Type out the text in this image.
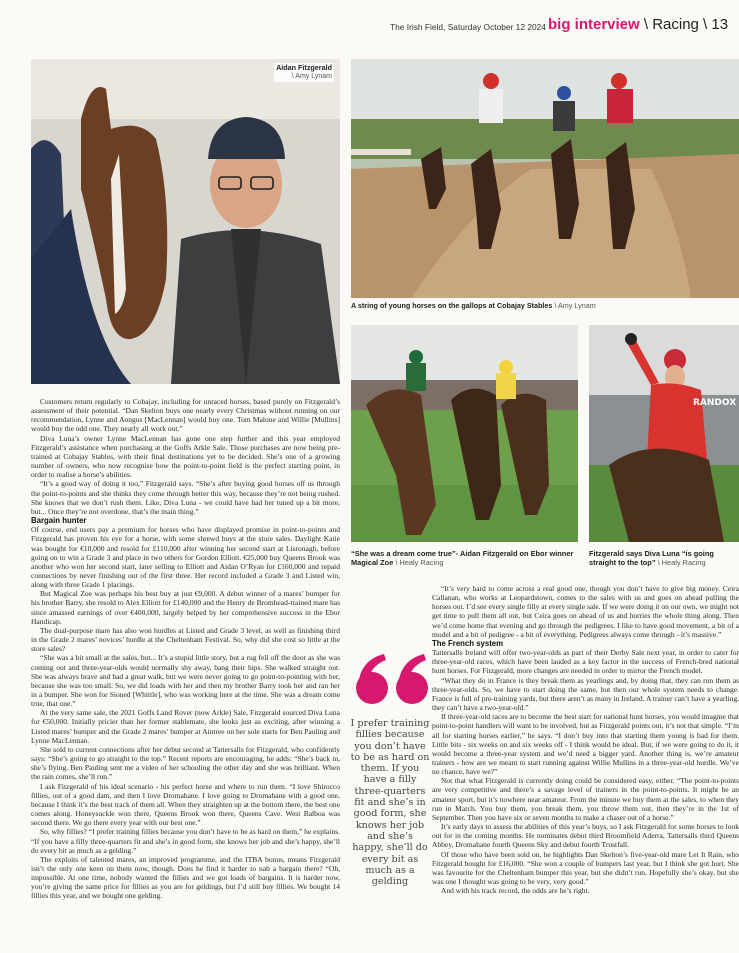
The Irish Field, Saturday October 12 2024 big interview \ Racing \ 13
Aidan Fitzgerald
\ Amy Lynam
A string of young horses on the gallops at Cobajay Stables \ Amy Lynam
“She was a dream come true”- Aidan Fitzgerald on Ebor winner Magical Zoe \ Healy Racing
RANDOX
Fitzgerald says Diva Luna “is going straight to the top” \ Healy Racing

Customers return regularly to Cobajay, including for unraced horses, based purely on Fitzgerald’s assessment of their potential. “Dan Skelton buys one nearly every Christmas without running on our recommendation, Lynne and Aongus [MacLennan] would buy one. Tom Malone and Willie [Mullins] would buy the odd one. They nearly all work out.”

Diva Luna’s owner Lynne MacLennan has gone one step further and this year employed Fitzgerald’s assistance when purchasing at the Goffs Arkle Sale. Those purchases are now being pre-trained at Cobajay Stables, with their final destinations yet to be decided. She’s one of a growing number of owners, who now recognise how the point-to-point field is the perfect starting point, in order to realise a horse’s abilities.

“It’s a good way of doing it too,” Fitzgerald says. “She’s after buying good horses off us through the point-to-points and she thinks they come through better this way, because they’re not being rushed. She knows that we don’t rush them. Like, Diva Luna - we could have had her tuned up a bit more, but... Once they’re not overdone, that’s the main thing.”

Bargain hunter

Of course, end users pay a premium for horses who have displayed promise in point-to-points and Fitzgerald has proven his eye for a horse, with some shrewd buys at the store sales. Daylight Katie was bought for €10,000 and resold for £110,000 after winning her second start at Lisronagh, before going on to win a Grade 3 and place in two others for Gordon Elliott. €25,000 buy Queens Brook was another who won her second start, later selling to Elliott and Aidan O’Ryan for £160,000 and repaid connections by never finishing out of the first three. Her record included a Grade 3 and Listed win, along with three Grade 1 placings.

But Magical Zoe was perhaps his best buy at just €9,000. A debut winner of a mares’ bumper for his brother Barry, she resold to Alex Elliott for £140,000 and the Henry de Bromhead-trained mare has since amassed earnings of over €400,000, largely helped by her comprehensive success in the Ebor Handicap.

The dual-purpose mare has also won hurdles at Listed and Grade 3 level, as well as finishing third in the Grade 2 mares’ novices’ hurdle at the Cheltenham Festival. So, why did she cost so little at the store sales?

“She was a bit small at the sales, but... It’s a stupid little story, but a rug fell off the door as she was coming out and three-year-olds would normally shy away, bang their hips. She walked straight out. She was always brave and had a great walk, but we were never going to go point-to-pointing with her, because she was too small. So, we did loads with her and then my brother Barry took her and ran her in a bumper. She won for Sioned [Whittle], who was working here at the time. She was a dream come true, that one.”

At the very same sale, the 2021 Goffs Land Rover (now Arkle) Sale, Fitzgerald sourced Diva Luna for €50,000. Initially pricier than her former stablemate, she looks just as exciting, after winning a Listed mares’ bumper and the Grade 2 mares’ bumper at Aintree on her sole starts for Ben Pauling and Lynne MacLennan.

She sold to current connections after her debut second at Tattersalls for Fitzgerald, who confidently says: “She’s going to go straight to the top.” Recent reports are encouraging, he adds: “She’s back in, she’s flying. Ben Pauling sent me a video of her schooling the other day and she was brilliant. When the rain comes, she’ll run.”

I ask Fitzgerald of his ideal scenario - his perfect horse and where to run them. “I love Shirocco fillies, out of a good dam, and then I love Dromahane. I love going to Dromahane with a good one, because I think it’s the best track of them all. When they straighten up at the bottom there, the best one comes along. Honeysuckle won there, Queens Brook won there, Queens Cave. West Balboa was second there. We go there every year with our best one.”

So, why fillies? “I prefer training fillies because you don’t have to be as hard on them,” he explains. “If you have a filly three-quarters fit and she’s in good form, she knows her job and she’s happy, she’ll do every bit as much as a gelding.”

The exploits of talented mares, an improved programme, and the ITBA bonus, means Fitzgerald isn’t the only one keen on them now, though. Does he find it harder to nab a bargain there? “Oh, impossible. At one time, nobody wanted the fillies and we got loads of bargains. It is harder now, you’re giving the same price for fillies as you are for geldings, but I’d still buy fillies. We bought 14 fillies this year, and we bought one gelding.

I prefer training fillies because you don’t have to be as hard on them. If you have a filly three-quarters fit and she’s in good form, she knows her job and she’s happy, she’ll do every bit as much as a gelding

“It’s very hard to come across a real good one, though you don’t have to give big money. Ceira Callanan, who works at Leopardstown, comes to the sales with us and goes on ahead pulling the horses out. I’d see every single filly at every single sale. If we were doing it on our own, we might not get time to pull them all out, but Ceira goes on ahead of us and hurries the whole thing along. Then we’d come home that evening and go through the pedigrees. I like to have good movement, a bit of a model and a bit of pedigree - a bit of everything. Pedigrees always come through - it’s massive.”

The French system

Tattersalls Ireland will offer two-year-olds as part of their Derby Sale next year, in order to cater for three-year-old races, which have been lauded as a key factor in the success of French-bred national hunt horses. For Fitzgerald, more changes are needed in order to mirror the French model.

“What they do in France is they break them as yearlings and, by doing that, they can run them as three-year-olds. So, we have to start doing the same, but then our whole system needs to change. France is full of pre-training yards, but there aren’t as many in Ireland. A trainer can’t have a yearling, they can’t have a two-year-old.”

If three-year-old races are to become the best start for national hunt horses, you would imagine that point-to-point handlers will want to be involved, but as Fitzgerald points out, it’s not that simple. “I’m all for starting horses earlier,” he says. “I don’t buy into that starting them young is bad for them. Little bits - six weeks on and six weeks off - I think would be ideal. But, if we were going to do it, it would become a three-year system and we’d need a bigger yard. Another thing is, we’re amateur trainers - how are we meant to start running against Willie Mullins in a three-year-old hurdle. We’ve no chance, have we?”

Not that what Fitzgerald is currently doing could be considered easy, either. “The point-to-points are very competitive and there’s a savage level of trainers in the point-to-points. It might be an amateur sport, but it’s nowhere near amateur. From the minute we buy them at the sales, to when they run in March. You buy them, you break them, you throw them out, then they’re in the 1st of September. Then you have six or seven months to make a chaser out of a horse.”

It’s early days to assess the abilities of this year’s buys, so I ask Fitzgerald for some horses to look out for in the coming months. He nominates debut third Broomfield Aderra, Tattersalls third Queens Abbey, Dromahane fourth Queens Sky and debut fourth Trustfall.

Of those who have been sold on, he highlights Dan Skelton’s five-year-old mare Let It Rain, who Fitzgerald bought for £16,000. “She won a couple of bumpers last year, but I think she got hurt. She was favourite for the Cheltenham bumper this year, but she didn’t run. Hopefully she’s okay, but she was one I thought was going to be very, very good.”

And with his track record, the odds are he’s right.
